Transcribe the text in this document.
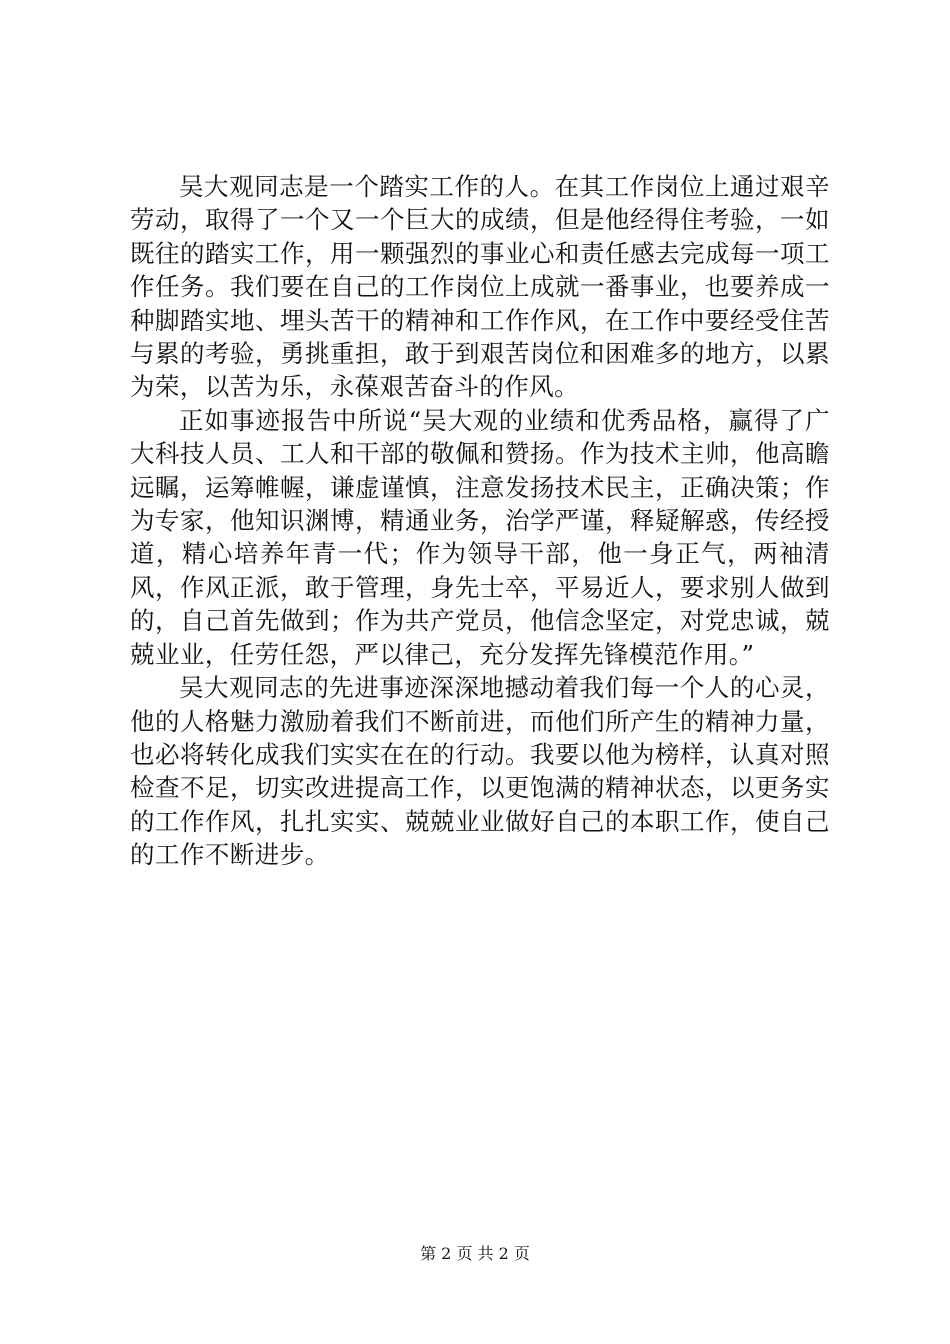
吴大观同志是一个踏实工作的人。在其工作岗位上通过艰辛劳动，取得了一个又一个巨大的成绩，但是他经得住考验，一如既往的踏实工作，用一颗强烈的事业心和责任感去完成每一项工作任务。我们要在自己的工作岗位上成就一番事业，也要养成一种脚踏实地、埋头苦干的精神和工作作风，在工作中要经受住苦与累的考验，勇挑重担，敢于到艰苦岗位和困难多的地方，以累为荣，以苦为乐，永葆艰苦奋斗的作风。

正如事迹报告中所说“吴大观的业绩和优秀品格，赢得了广大科技人员、工人和干部的敬佩和赞扬。作为技术主帅，他高瞻远瞩，运筹帷幄，谦虚谨慎，注意发扬技术民主，正确决策；作为专家，他知识渊博，精通业务，治学严谨，释疑解惑，传经授道，精心培养年青一代；作为领导干部，他一身正气，两袖清风，作风正派，敢于管理，身先士卒，平易近人，要求别人做到的，自己首先做到；作为共产党员，他信念坚定，对党忠诚，兢兢业业，任劳任怨，严以律己，充分发挥先锋模范作用。”

吴大观同志的先进事迹深深地撼动着我们每一个人的心灵，他的人格魅力激励着我们不断前进，而他们所产生的精神力量，也必将转化成我们实实在在的行动。我要以他为榜样，认真对照检查不足，切实改进提高工作，以更饱满的精神状态，以更务实的工作作风，扎扎实实、兢兢业业做好自己的本职工作，使自己的工作不断进步。

第 2 页 共 2 页
